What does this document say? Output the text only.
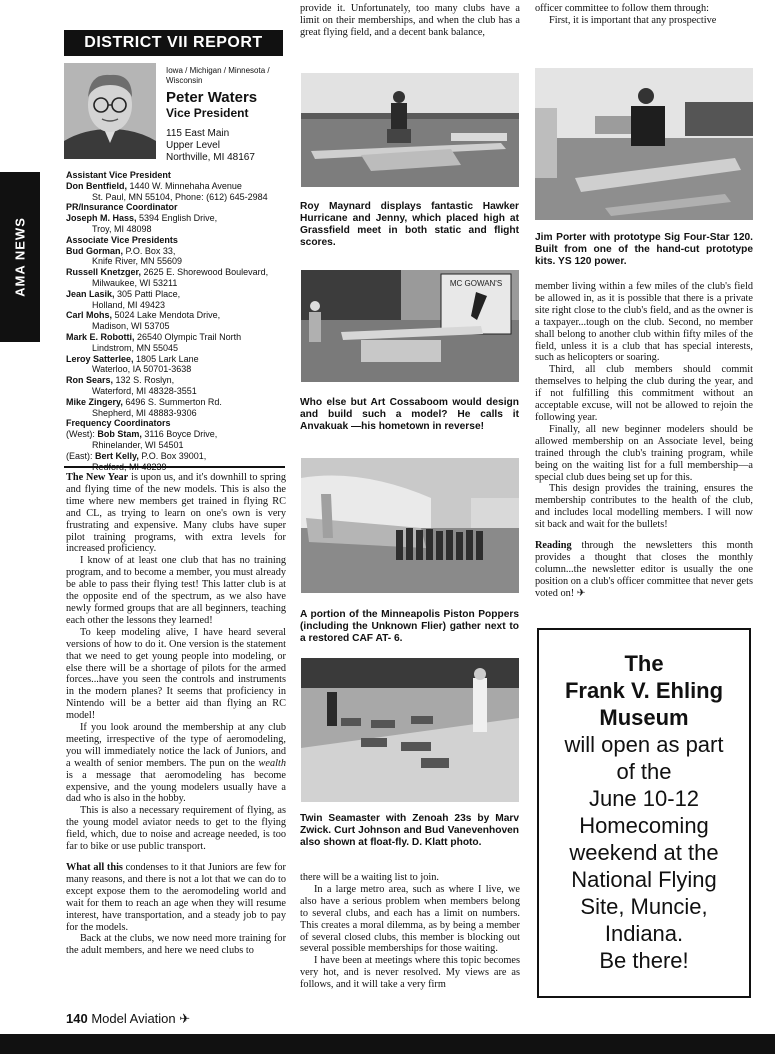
AMA NEWS
DISTRICT VII REPORT
Iowa / Michigan / Minnesota / Wisconsin
Peter Waters
Vice President
115 East Main
Upper Level
Northville, MI 48167
Assistant Vice President
Don Bentfield, 1440 W. Minnehaha Avenue
St. Paul, MN 55104, Phone: (612) 645-2984
PR/Insurance Coordinator
Joseph M. Hass, 5394 English Drive,
Troy, MI 48098
Associate Vice Presidents
Bud Gorman, P.O. Box 33,
Knife River, MN 55609
Russell Knetzger, 2625 E. Shorewood Boulevard,
Milwaukee, WI 53211
Jean Lasik, 305 Patti Place,
Holland, MI 49423
Carl Mohs, 5024 Lake Mendota Drive,
Madison, WI 53705
Mark E. Robotti, 26540 Olympic Trail North
Lindstrom, MN 55045
Leroy Satterlee, 1805 Lark Lane
Waterloo, IA 50701-3638
Ron Sears, 132 S. Roslyn,
Waterford, MI 48328-3551
Mike Zingery, 6496 S. Summerton Rd.
Shepherd, MI 48883-9306
Frequency Coordinators
(West): Bob Stam, 3116 Boyce Drive,
Rhinelander, WI 54501
(East): Bert Kelly, P.O. Box 39001,

The New Year is upon us, and it's downhill to spring and flying time of the new models. This is also the time where new members get trained in flying RC and CL, as trying to learn on one's own is very frustrating and expensive. Many clubs have super pilot training programs, with extra levels for increased proficiency.

I know of at least one club that has no training program, and to become a member, you must already be able to pass their flying test! This latter club is at the opposite end of the spectrum, as we also have newly formed groups that are all beginners, teaching each other the lessons they learned!

To keep modeling alive, I have heard several versions of how to do it. One version is the statement that we need to get young people into modeling, or else there will be a shortage of pilots for the armed forces...have you seen the controls and instruments in the modern planes? It seems that proficiency in Nintendo will be a better aid than flying an RC model!

If you look around the membership at any club meeting, irrespective of the type of aeromodeling, you will immediately notice the lack of Juniors, and a wealth of senior members. The pun on the wealth is a message that aeromodeling has become expensive, and the young modelers usually have a dad who is also in the hobby.

This is also a necessary requirement of flying, as the young model aviator needs to get to the flying field, which, due to noise and acreage needed, is too far to bike or use public transport.

What all this condenses to it that Juniors are few for many reasons, and there is not a lot that we can do to except expose them to the aeromodeling world and wait for them to reach an age when they will resume interest, have transportation, and a steady job to pay for the models.

Back at the clubs, we now need more training for the adult members, and here we need clubs to

provide it. Unfortunately, too many clubs have a limit on their memberships, and when the club has a great flying field, and a decent bank balance,

Roy Maynard displays fantastic Hawker Hurricane and Jenny, which placed high at Grassfield meet in both static and flight scores.
MC GOWAN'S
Who else but Art Cossaboom would design and build such a model? He calls it Anvakuak —his hometown in reverse!
A portion of the Minneapolis Piston Poppers (including the Unknown Flier) gather next to a restored CAF AT- 6.
Twin Seamaster with Zenoah 23s by Marv Zwick. Curt Johnson and Bud Vanevenhoven also shown at float-fly. D. Klatt photo.

there will be a waiting list to join.

In a large metro area, such as where I live, we also have a serious problem when members belong to several clubs, and each has a limit on numbers. This creates a moral dilemma, as by being a member of several closed clubs, this member is blocking out several possible memberships for those waiting.

I have been at meetings where this topic becomes very hot, and is never resolved. My views are as follows, and it will take a very firm

officer committee to follow them through:

First, it is important that any prospective

Jim Porter with prototype Sig Four-Star 120. Built from one of the hand-cut prototype kits. YS 120 power.

member living within a few miles of the club's field be allowed in, as it is possible that there is a private site right close to the club's field, and as the owner is a taxpayer...tough on the club. Second, no member shall belong to another club within fifty miles of the field, unless it is a club that has special interests, such as helicopters or soaring.

Third, all club members should commit themselves to helping the club during the year, and if not fulfilling this commitment without an acceptable excuse, will not be allowed to rejoin the following year.

Finally, all new beginner modelers should be allowed membership on an Associate level, being trained through the club's training program, while being on the waiting list for a full membership—a special club dues being set up for this.

This design provides the training, ensures the membership contributes to the health of the club, and includes local modelling members. I will now sit back and wait for the bullets!

Reading through the newsletters this month provides a thought that closes the monthly column...the newsletter editor is usually the one position on a club's officer committee that never gets voted on! ✈

The
Frank V. Ehling
Museum
will open as part
of the
June 10-12
Homecoming
weekend at the
National Flying
Site, Muncie,
Indiana.
Be there!
140 Model Aviation ✈
